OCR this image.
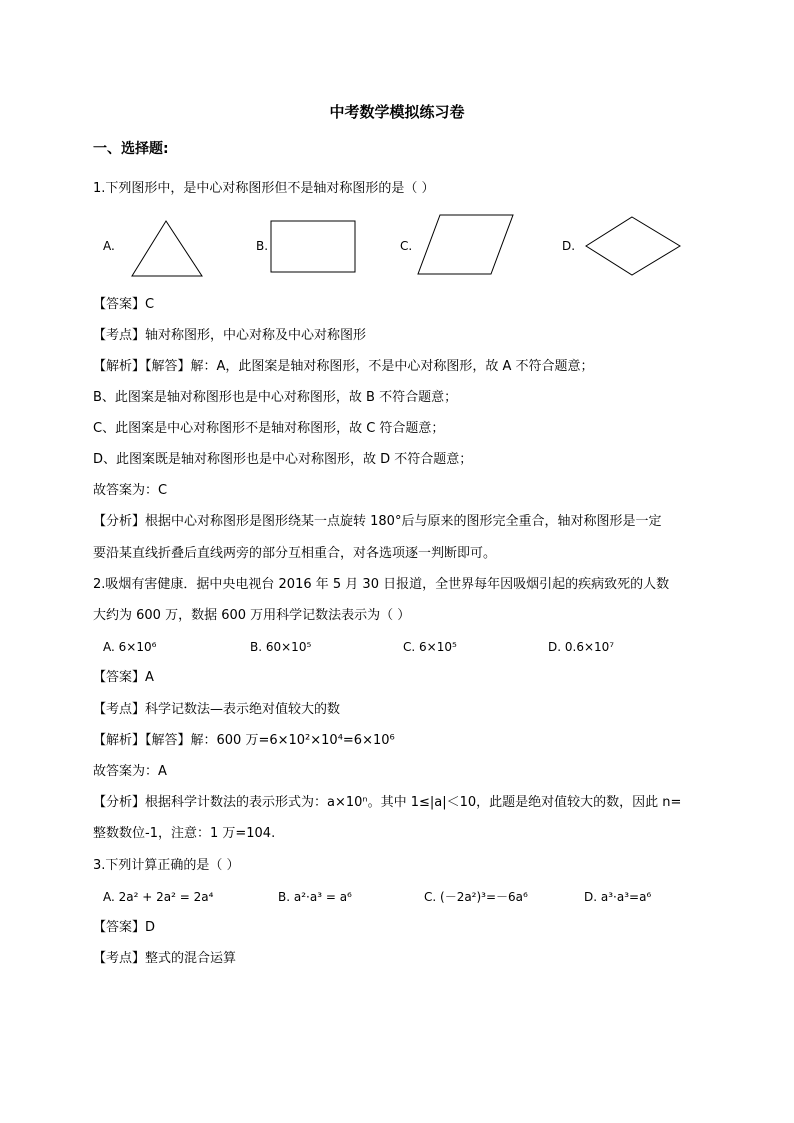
中考数学模拟练习卷
一、选择题:
1.下列图形中，是中心对称图形但不是轴对称图形的是（ ）
A.	B.	C.	D.
【答案】C
【考点】轴对称图形，中心对称及中心对称图形
【解析】【解答】解：A，此图案是轴对称图形，不是中心对称图形，故 A 不符合题意；
B、此图案是轴对称图形也是中心对称图形，故 B 不符合题意；
C、此图案是中心对称图形不是轴对称图形，故 C 符合题意；
D、此图案既是轴对称图形也是中心对称图形，故 D 不符合题意；
故答案为：C
【分析】根据中心对称图形是图形绕某一点旋转 180°后与原来的图形完全重合，轴对称图形是一定
要沿某直线折叠后直线两旁的部分互相重合，对各选项逐一判断即可。
2.吸烟有害健康．据中央电视台 2016 年 5 月 30 日报道，全世界每年因吸烟引起的疾病致死的人数
大约为 600 万，数据 600 万用科学记数法表示为（ ）
A. 6×10⁶	B. 60×10⁵	C. 6×10⁵	D. 0.6×10⁷
【答案】A
【考点】科学记数法—表示绝对值较大的数
【解析】【解答】解：600 万=6×10²×10⁴=6×10⁶
故答案为：A
【分析】根据科学计数法的表示形式为：a×10ⁿ。其中 1≤|a|＜10，此题是绝对值较大的数，因此 n=
整数数位-1，注意：1 万=104.
3.下列计算正确的是（ ）
A. 2a² + 2a² = 2a⁴	B. a²·a³ = a⁶	C. (－2a²)³=－6a⁶	D. a³·a³=a⁶
【答案】D
【考点】整式的混合运算
